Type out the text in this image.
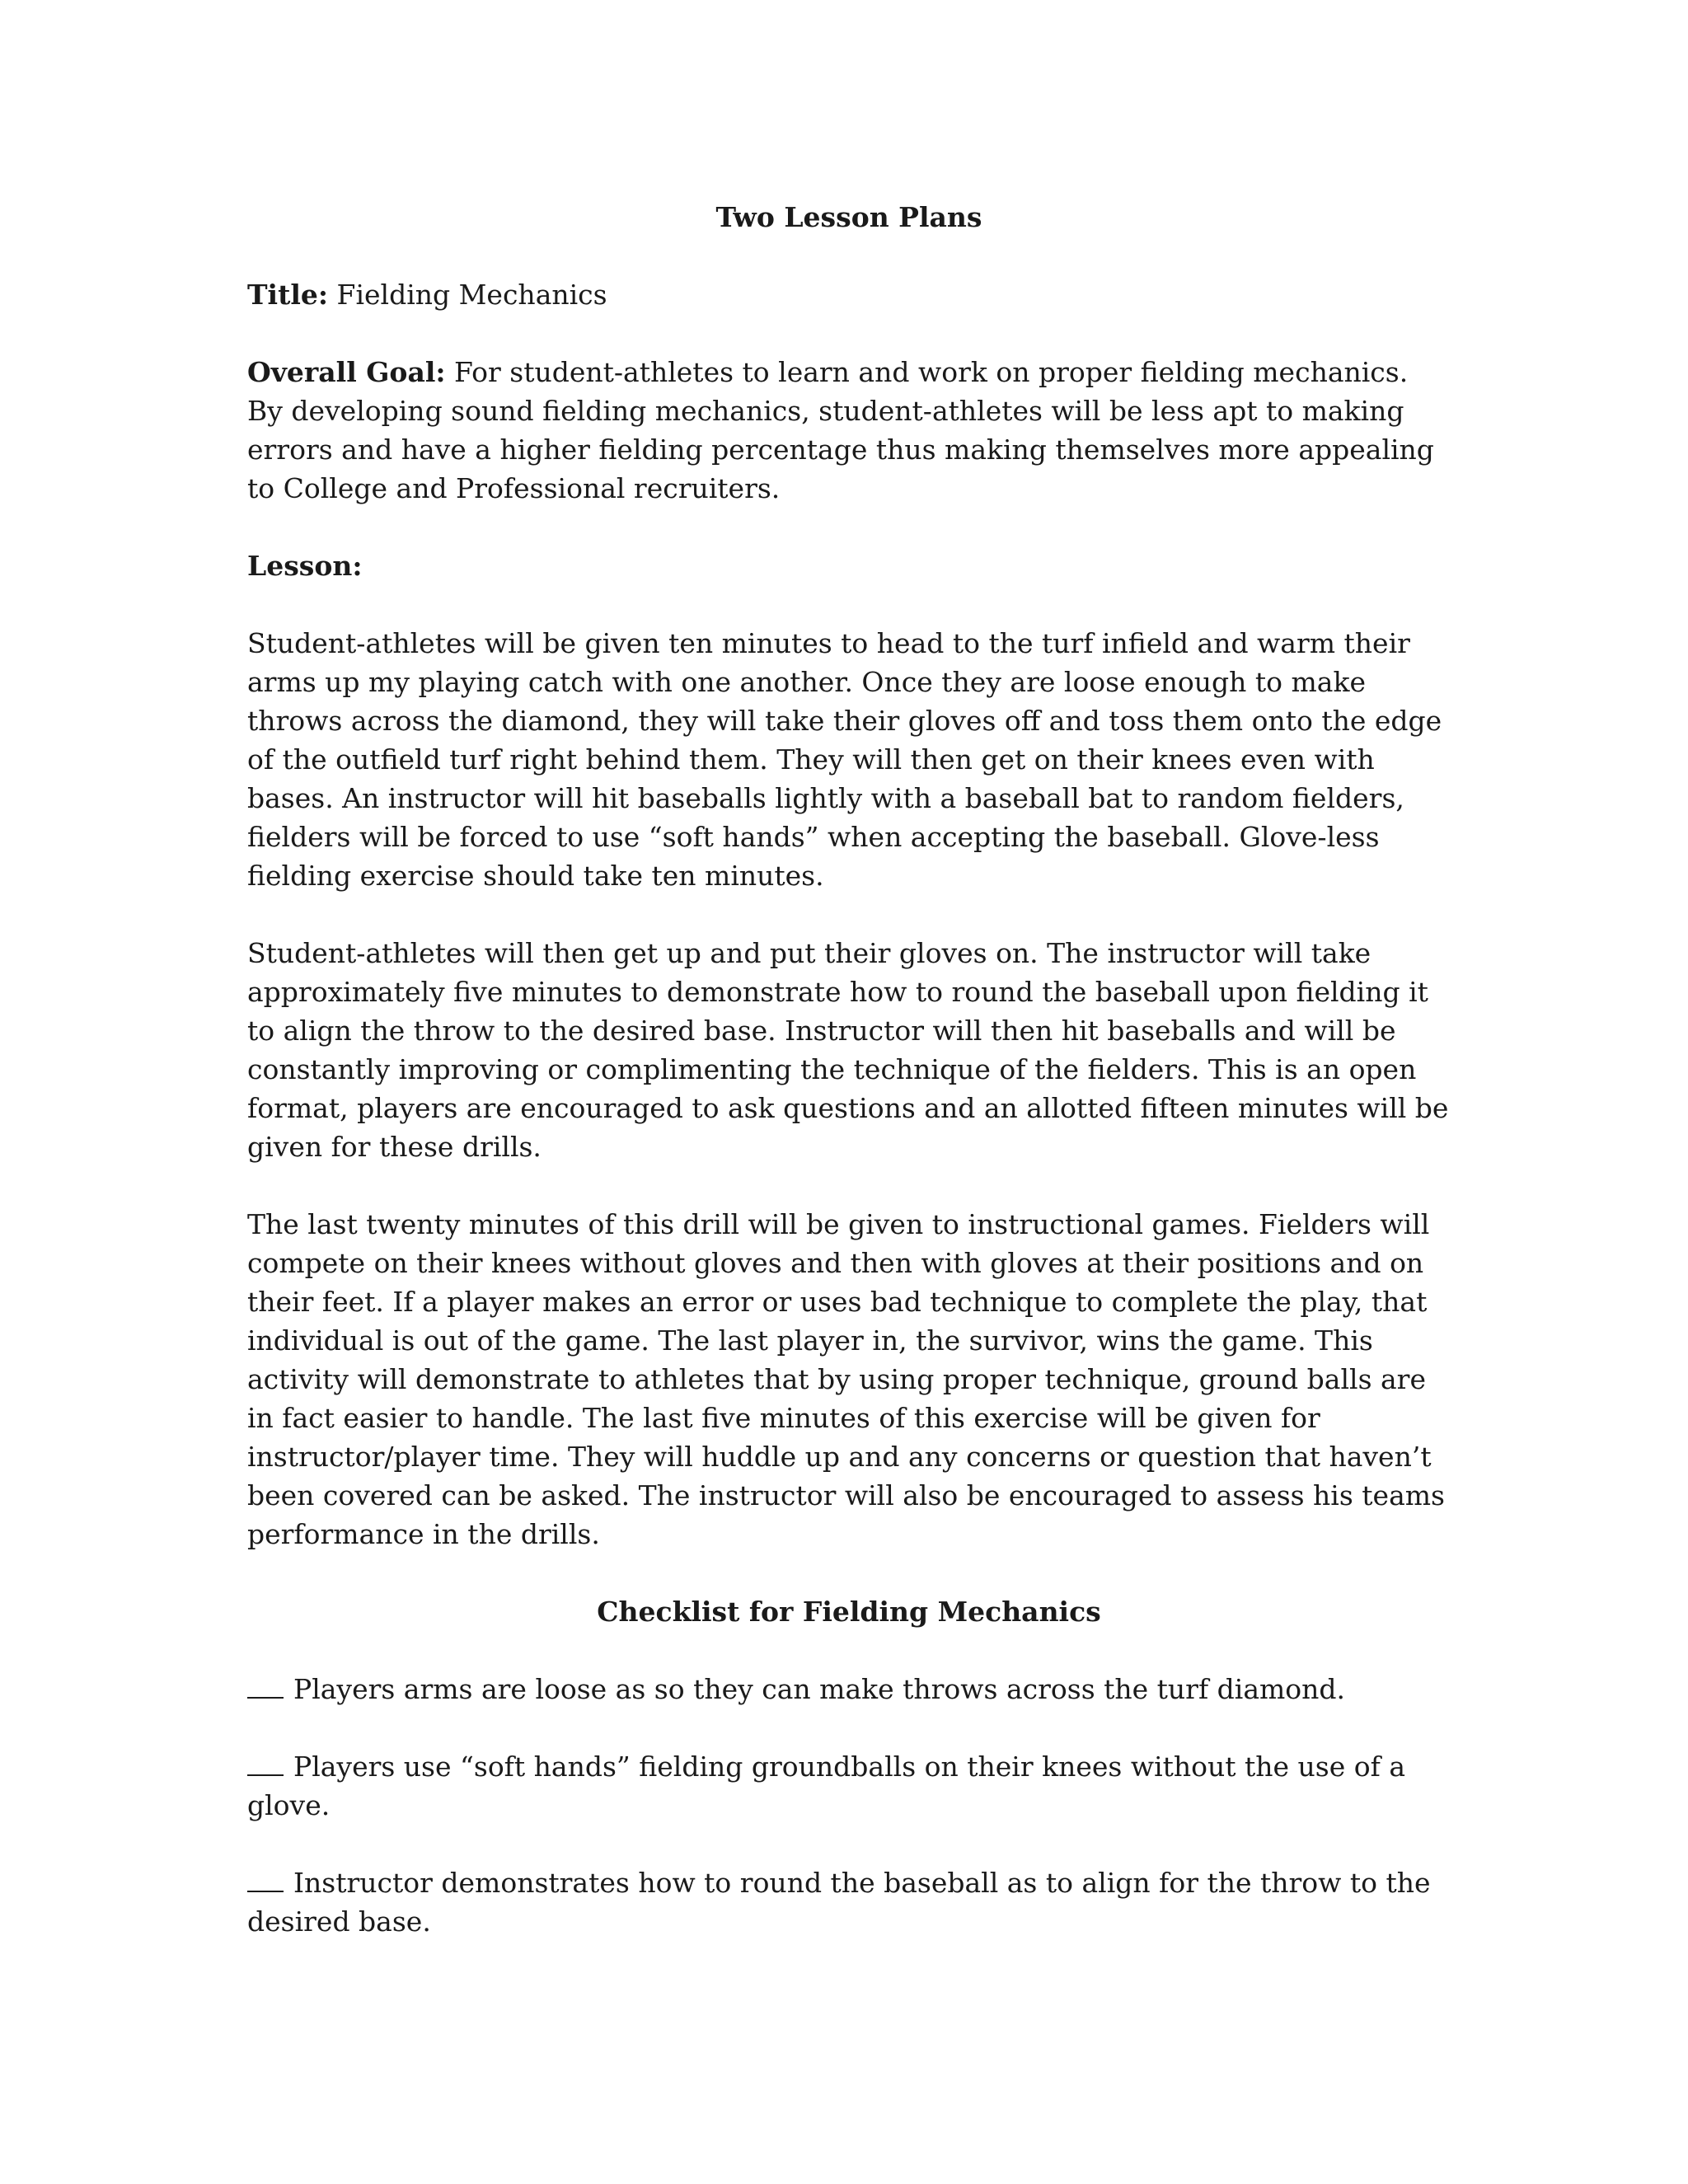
Two Lesson Plans

Title: Fielding Mechanics

Overall Goal: For student-athletes to learn and work on proper fielding mechanics. By developing sound fielding mechanics, student-athletes will be less apt to making errors and have a higher fielding percentage thus making themselves more appealing to College and Professional recruiters.

Lesson:

Student-athletes will be given ten minutes to head to the turf infield and warm their arms up my playing catch with one another. Once they are loose enough to make throws across the diamond, they will take their gloves off and toss them onto the edge of the outfield turf right behind them. They will then get on their knees even with bases. An instructor will hit baseballs lightly with a baseball bat to random fielders, fielders will be forced to use “soft hands” when accepting the baseball. Glove-less fielding exercise should take ten minutes.

Student-athletes will then get up and put their gloves on. The instructor will take approximately five minutes to demonstrate how to round the baseball upon fielding it to align the throw to the desired base. Instructor will then hit baseballs and will be constantly improving or complimenting the technique of the fielders. This is an open format, players are encouraged to ask questions and an allotted fifteen minutes will be given for these drills.

The last twenty minutes of this drill will be given to instructional games. Fielders will compete on their knees without gloves and then with gloves at their positions and on their feet. If a player makes an error or uses bad technique to complete the play, that individual is out of the game. The last player in, the survivor, wins the game. This activity will demonstrate to athletes that by using proper technique, ground balls are in fact easier to handle. The last five minutes of this exercise will be given for instructor/player time. They will huddle up and any concerns or question that haven’t been covered can be asked. The instructor will also be encouraged to assess his teams performance in the drills.

Checklist for Fielding Mechanics
Players arms are loose as so they can make throws across the turf diamond.
Players use “soft hands” fielding groundballs on their knees without the use of a glove.
Instructor demonstrates how to round the baseball as to align for the throw to the desired base.
